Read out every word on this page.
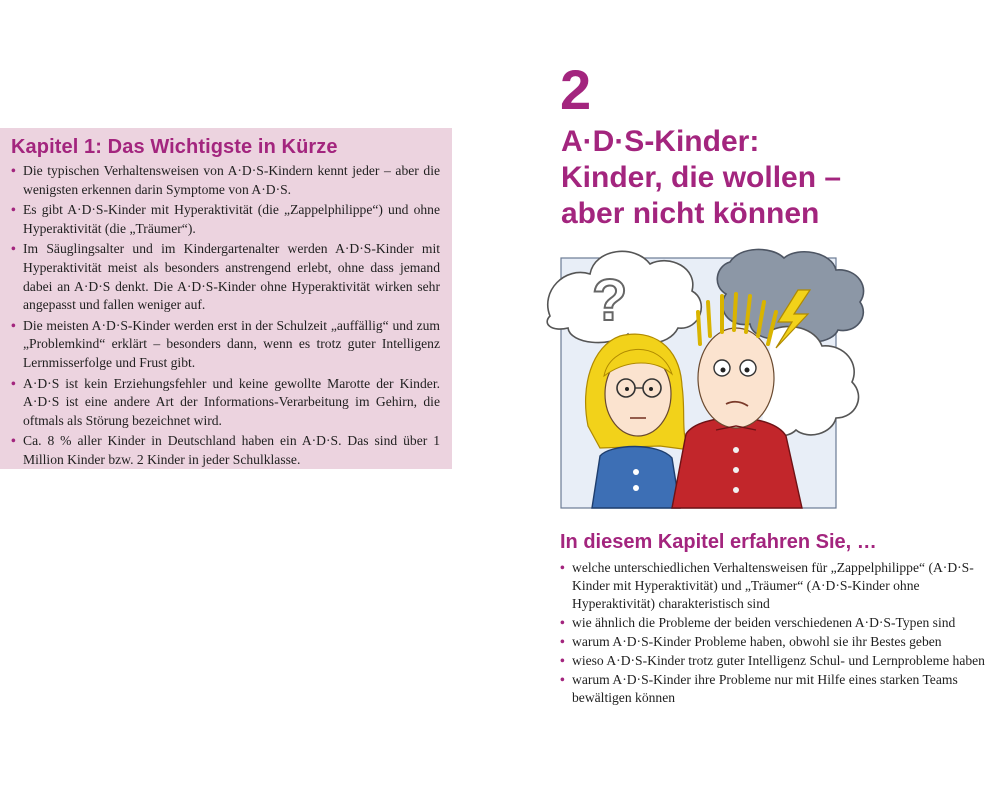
Kapitel 1: Das Wichtigste in Kürze
• Die typischen Verhaltensweisen von A·D·S-Kindern kennt jeder – aber die wenigsten erkennen darin Symptome von A·D·S.
• Es gibt A·D·S-Kinder mit Hyperaktivität (die „Zappelphilippe“) und ohne Hyperaktivität (die „Träumer“).
• Im Säuglingsalter und im Kindergartenalter werden A·D·S-Kinder mit Hyperaktivität meist als besonders anstrengend erlebt, ohne dass jemand dabei an A·D·S denkt. Die A·D·S-Kinder ohne Hyperaktivität wirken sehr angepasst und fallen weniger auf.
• Die meisten A·D·S-Kinder werden erst in der Schulzeit „auffällig“ und zum „Problemkind“ erklärt – besonders dann, wenn es trotz guter Intelligenz Lernmisserfolge und Frust gibt.
• A·D·S ist kein Erziehungsfehler und keine gewollte Marotte der Kinder. A·D·S ist eine andere Art der Informations-Verarbeitung im Gehirn, die oftmals als Störung bezeichnet wird.
• Ca. 8 % aller Kinder in Deutschland haben ein A·D·S. Das sind über 1 Million Kinder bzw. 2 Kinder in jeder Schulklasse.
2
A·D·S-Kinder:
Kinder, die wollen –
aber nicht können
?
In diesem Kapitel erfahren Sie, …
• welche unterschiedlichen Verhaltensweisen für „Zappelphilippe“ (A·D·S-Kinder mit Hyperaktivität) und „Träumer“ (A·D·S-Kinder ohne Hyperaktivität) charakteristisch sind
• wie ähnlich die Probleme der beiden verschiedenen A·D·S-Typen sind
• warum A·D·S-Kinder Probleme haben, obwohl sie ihr Bestes geben
• wieso A·D·S-Kinder trotz guter Intelligenz Schul- und Lernprobleme haben
• warum A·D·S-Kinder ihre Probleme nur mit Hilfe eines starken Teams bewältigen können
